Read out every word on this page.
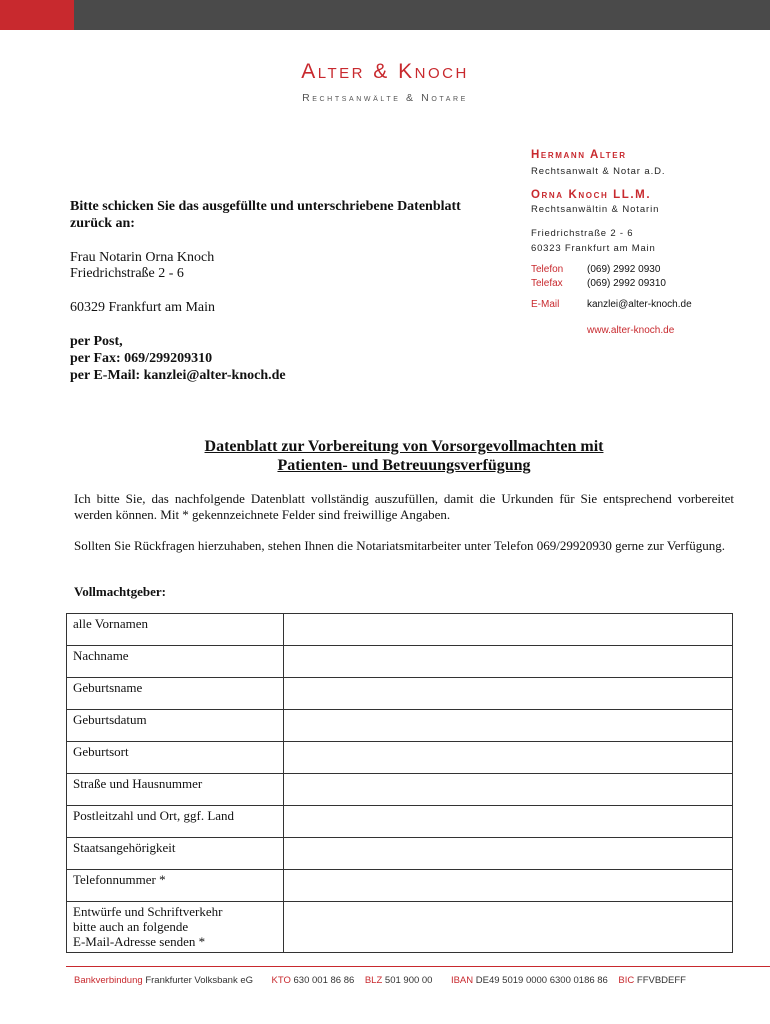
Alter & Knoch
Rechtsanwälte & Notare
Hermann Alter
Rechtsanwalt & Notar a.D.
Orna Knoch LL.M.
Rechtsanwältin & Notarin
Friedrichstraße 2 - 6
60323 Frankfurt am Main
Telefon (069) 2992 0930
Telefax (069) 2992 09310
E-Mail	kanzlei@alter-knoch.de
www.alter-knoch.de
Bitte schicken Sie das ausgefüllte und unterschriebene Datenblatt
zurück an:
Frau Notarin Orna Knoch
Friedrichstraße 2 - 6
60329 Frankfurt am Main
per Post,
per Fax: 069/299209310
per E-Mail: kanzlei@alter-knoch.de
Datenblatt zur Vorbereitung von Vorsorgevollmachten mit
Patienten- und Betreuungsverfügung
Ich bitte Sie, das nachfolgende Datenblatt vollständig auszufüllen, damit die Urkunden für Sie entsprechend vorbereitet werden können. Mit * gekennzeichnete Felder sind freiwillige Angaben.
Sollten Sie Rückfragen hierzuhaben, stehen Ihnen die Notariatsmitarbeiter unter Telefon 069/29920930 gerne zur Verfügung.
Vollmachtgeber:
alle Vornamen	
Nachname	
Geburtsname	
Geburtsdatum	
Geburtsort	
Straße und Hausnummer	
Postleitzahl und Ort, ggf. Land	
Staatsangehörigkeit	
Telefonnummer *	

Entwürfe und Schriftverkehr
bitte auch an folgende
E-Mail-Adresse senden *	

Bankverbindung Frankfurter Volksbank eG KTO 630 001 86 86 BLZ 501 900 00 IBAN DE49 5019 0000 6300 0186 86 BIC FFVBDEFF
